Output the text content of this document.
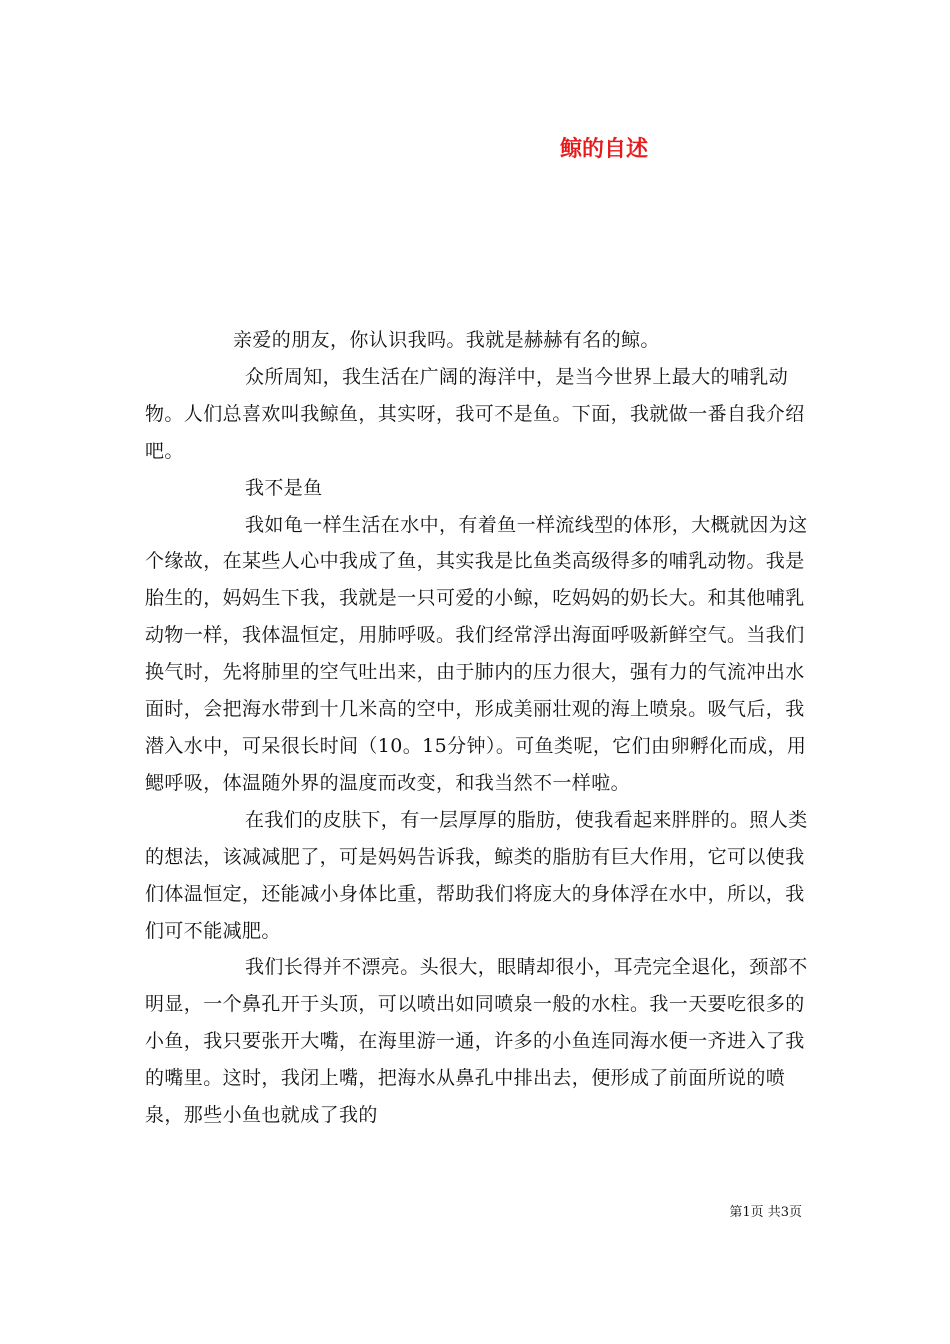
鲸的自述

亲爱的朋友，你认识我吗。我就是赫赫有名的鲸。

众所周知，我生活在广阔的海洋中，是当今世界上最大的哺乳动物。人们总喜欢叫我鲸鱼，其实呀，我可不是鱼。下面，我就做一番自我介绍吧。

我不是鱼

我如龟一样生活在水中，有着鱼一样流线型的体形，大概就因为这个缘故，在某些人心中我成了鱼，其实我是比鱼类高级得多的哺乳动物。我是胎生的，妈妈生下我，我就是一只可爱的小鲸，吃妈妈的奶长大。和其他哺乳动物一样，我体温恒定，用肺呼吸。我们经常浮出海面呼吸新鲜空气。当我们换气时，先将肺里的空气吐出来，由于肺内的压力很大，强有力的气流冲出水面时，会把海水带到十几米高的空中，形成美丽壮观的海上喷泉。吸气后，我潜入水中，可呆很长时间（10。15分钟）。可鱼类呢，它们由卵孵化而成，用鳃呼吸，体温随外界的温度而改变，和我当然不一样啦。

在我们的皮肤下，有一层厚厚的脂肪，使我看起来胖胖的。照人类的想法，该减减肥了，可是妈妈告诉我，鲸类的脂肪有巨大作用，它可以使我们体温恒定，还能减小身体比重，帮助我们将庞大的身体浮在水中，所以，我们可不能减肥。

我们长得并不漂亮。头很大，眼睛却很小，耳壳完全退化，颈部不明显，一个鼻孔开于头顶，可以喷出如同喷泉一般的水柱。我一天要吃很多的小鱼，我只要张开大嘴，在海里游一通，许多的小鱼连同海水便一齐进入了我的嘴里。这时，我闭上嘴，把海水从鼻孔中排出去，便形成了前面所说的喷泉，那些小鱼也就成了我的

第1页 共3页
